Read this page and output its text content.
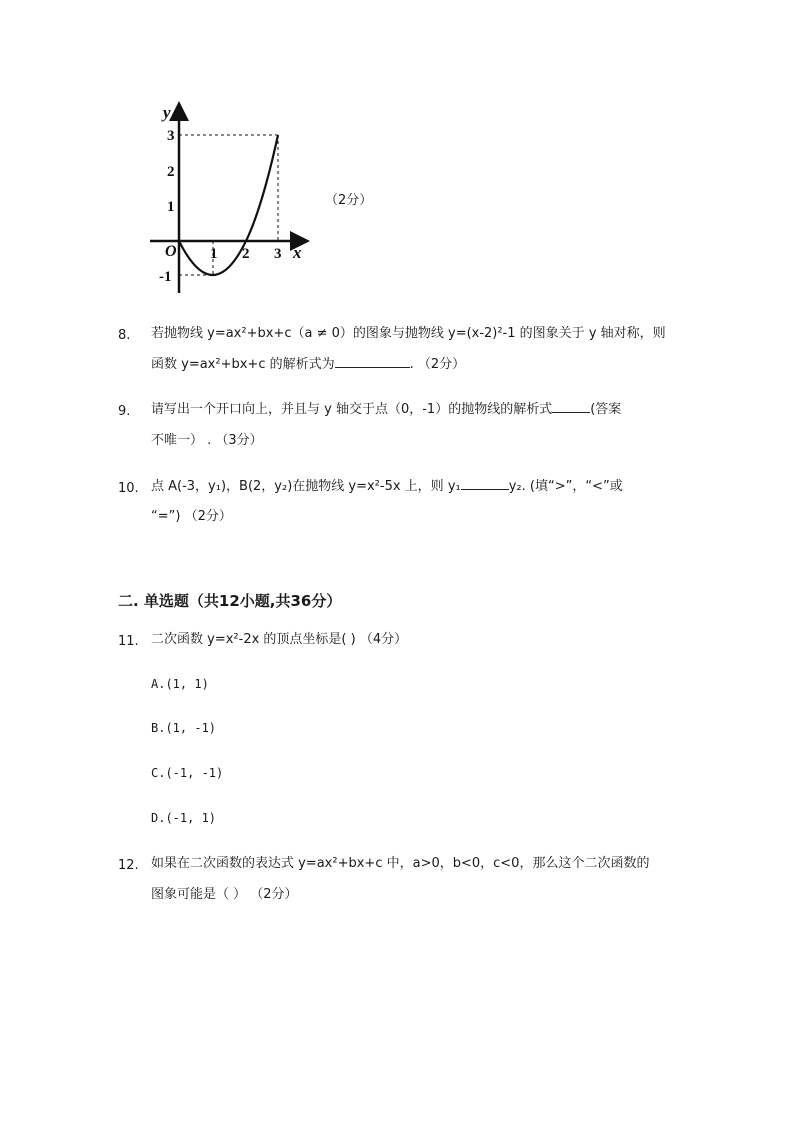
y
x
O
3
2
1
-1
1 2 3
（2分）
8. 若抛物线 y=ax²+bx+c（a ≠ 0）的图象与抛物线 y=(x-2)²-1 的图象关于 y 轴对称，则
函数 y=ax²+bx+c 的解析式为	. （2分）
9. 请写出一个开口向上，并且与 y 轴交于点（0，-1）的抛物线的解析式	(答案
不唯一） . （3分）
10. 点 A(-3，y₁)，B(2，y₂)在抛物线 y=x²-5x 上，则 y₁	y₂. (填“>”，“<”或
“=”) （2分）
二. 单选题（共12小题,共36分）
11. 二次函数 y=x²-2x 的顶点坐标是( ) （4分）
A.(1, 1)
B.(1, -1)
C.(-1, -1)
D.(-1, 1)
12. 如果在二次函数的表达式 y=ax²+bx+c 中，a>0，b<0，c<0，那么这个二次函数的
图象可能是（ ） （2分）
